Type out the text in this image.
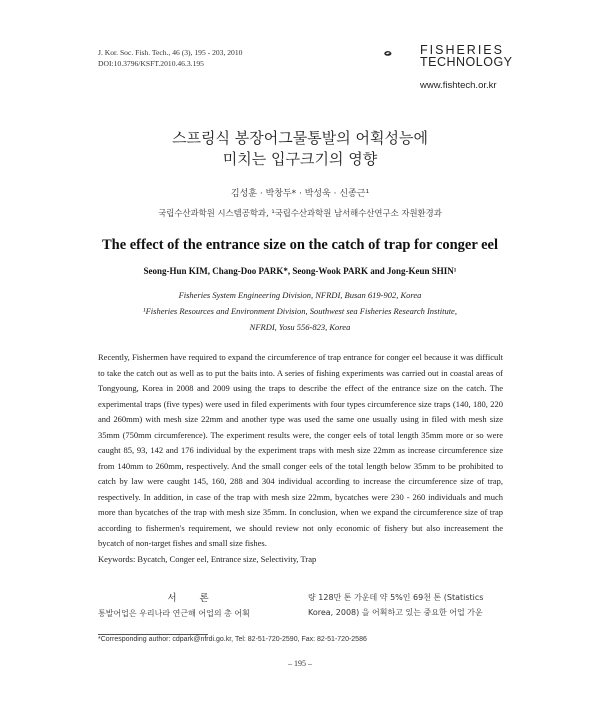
J. Kor. Soc. Fish. Tech., 46 (3), 195 - 203, 2010
DOI:10.3796/KSFT.2010.46.3.195
FISHERIES
TECHNOLOGY
www.fishtech.or.kr
스프링식 봉장어그물통발의 어획성능에
미치는 입구크기의 영향
김성훈 · 박창두* · 박성욱 · 신종근¹
국립수산과학원 시스템공학과, ¹국립수산과학원 남서해수산연구소 자원환경과
The effect of the entrance size on the catch of trap for conger eel
Seong-Hun KIM, Chang-Doo PARK*, Seong-Wook PARK and Jong-Keun SHIN¹
Fisheries System Engineering Division, NFRDI, Busan 619-902, Korea
¹Fisheries Resources and Environment Division, Southwest sea Fisheries Research Institute,
NFRDI, Yosu 556-823, Korea
Recently, Fishermen have required to expand the circumference of trap entrance for conger eel because it was difficult to take the catch out as well as to put the baits into. A series of fishing experiments was carried out in coastal areas of Tongyoung, Korea in 2008 and 2009 using the traps to describe the effect of the entrance size on the catch. The experimental traps (five types) were used in filed experiments with four types circumference size traps (140, 180, 220 and 260mm) with mesh size 22mm and another type was used the same one usually using in filed with mesh size 35mm (750mm circumference). The experiment results were, the conger eels of total length 35mm more or so were caught 85, 93, 142 and 176 individual by the experiment traps with mesh size 22mm as increase circumference size from 140mm to 260mm, respectively. And the small conger eels of the total length below 35mm to be prohibited to catch by law were caught 145, 160, 288 and 304 individual according to increase the circumference size of trap, respectively. In addition, in case of the trap with mesh size 22mm, bycatches were 230 - 260 individuals and much more than bycatches of the trap with mesh size 35mm. In conclusion, when we expand the circumference size of trap according to fishermen's requirement, we should review not only economic of fishery but also increasement the bycatch of non-target fishes and small size fishes.
Keywords: Bycatch, Conger eel, Entrance size, Selectivity, Trap
서 론
통발어업은 우리나라 연근해 어업의 총 어획
량 128만 톤 가운데 약 5%인 69천 톤 (Statistics Korea, 2008) 을 어획하고 있는 중요한 어업 가운
*Corresponding author: cdpark@nfrdi.go.kr, Tel: 82-51-720-2590, Fax: 82-51-720-2586
– 195 –
